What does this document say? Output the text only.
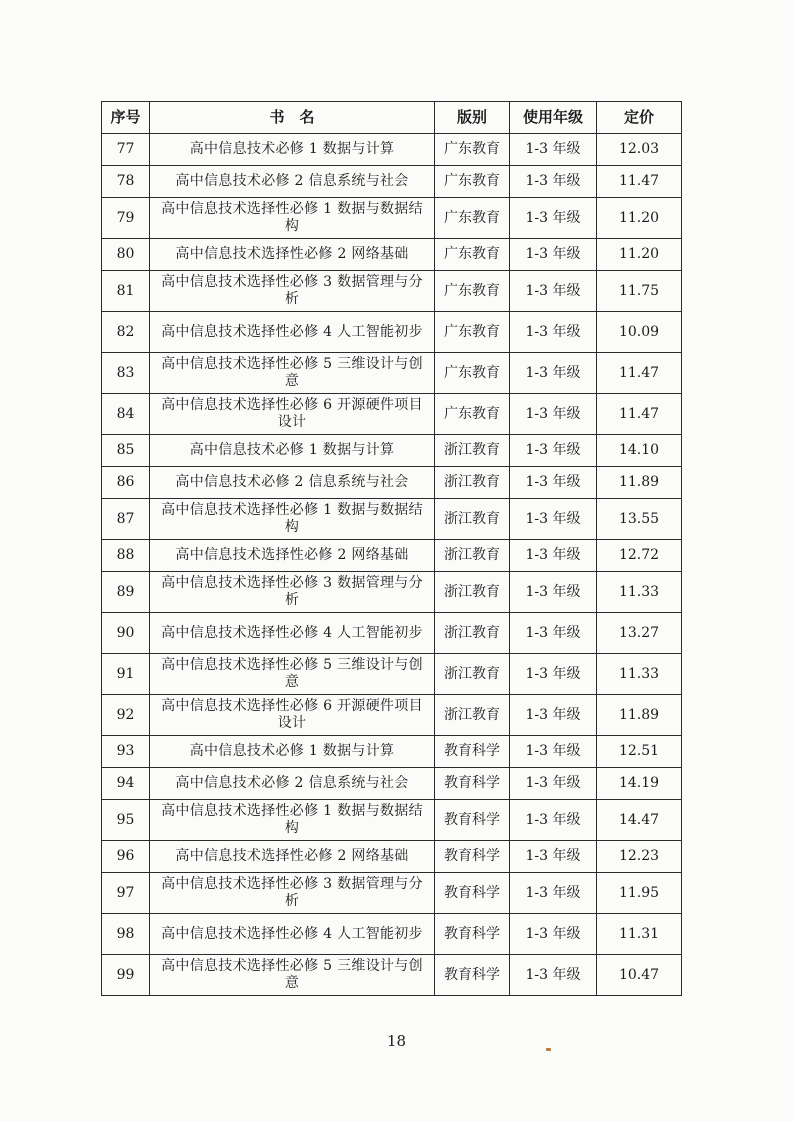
序号	书　名	版别	使用年级	定价
77	高中信息技术必修 1 数据与计算	广东教育	1-3 年级	12.03
78	高中信息技术必修 2 信息系统与社会	广东教育	1-3 年级	11.47
79	高中信息技术选择性必修 1 数据与数据结构	广东教育	1-3 年级	11.20
80	高中信息技术选择性必修 2 网络基础	广东教育	1-3 年级	11.20
81	高中信息技术选择性必修 3 数据管理与分析	广东教育	1-3 年级	11.75
82	高中信息技术选择性必修 4 人工智能初步	广东教育	1-3 年级	10.09
83	高中信息技术选择性必修 5 三维设计与创意	广东教育	1-3 年级	11.47
84	高中信息技术选择性必修 6 开源硬件项目设计	广东教育	1-3 年级	11.47
85	高中信息技术必修 1 数据与计算	浙江教育	1-3 年级	14.10
86	高中信息技术必修 2 信息系统与社会	浙江教育	1-3 年级	11.89
87	高中信息技术选择性必修 1 数据与数据结构	浙江教育	1-3 年级	13.55
88	高中信息技术选择性必修 2 网络基础	浙江教育	1-3 年级	12.72
89	高中信息技术选择性必修 3 数据管理与分析	浙江教育	1-3 年级	11.33
90	高中信息技术选择性必修 4 人工智能初步	浙江教育	1-3 年级	13.27
91	高中信息技术选择性必修 5 三维设计与创意	浙江教育	1-3 年级	11.33
92	高中信息技术选择性必修 6 开源硬件项目设计	浙江教育	1-3 年级	11.89
93	高中信息技术必修 1 数据与计算	教育科学	1-3 年级	12.51
94	高中信息技术必修 2 信息系统与社会	教育科学	1-3 年级	14.19
95	高中信息技术选择性必修 1 数据与数据结构	教育科学	1-3 年级	14.47
96	高中信息技术选择性必修 2 网络基础	教育科学	1-3 年级	12.23
97	高中信息技术选择性必修 3 数据管理与分析	教育科学	1-3 年级	11.95
98	高中信息技术选择性必修 4 人工智能初步	教育科学	1-3 年级	11.31
99	高中信息技术选择性必修 5 三维设计与创意	教育科学	1-3 年级	10.47
18
